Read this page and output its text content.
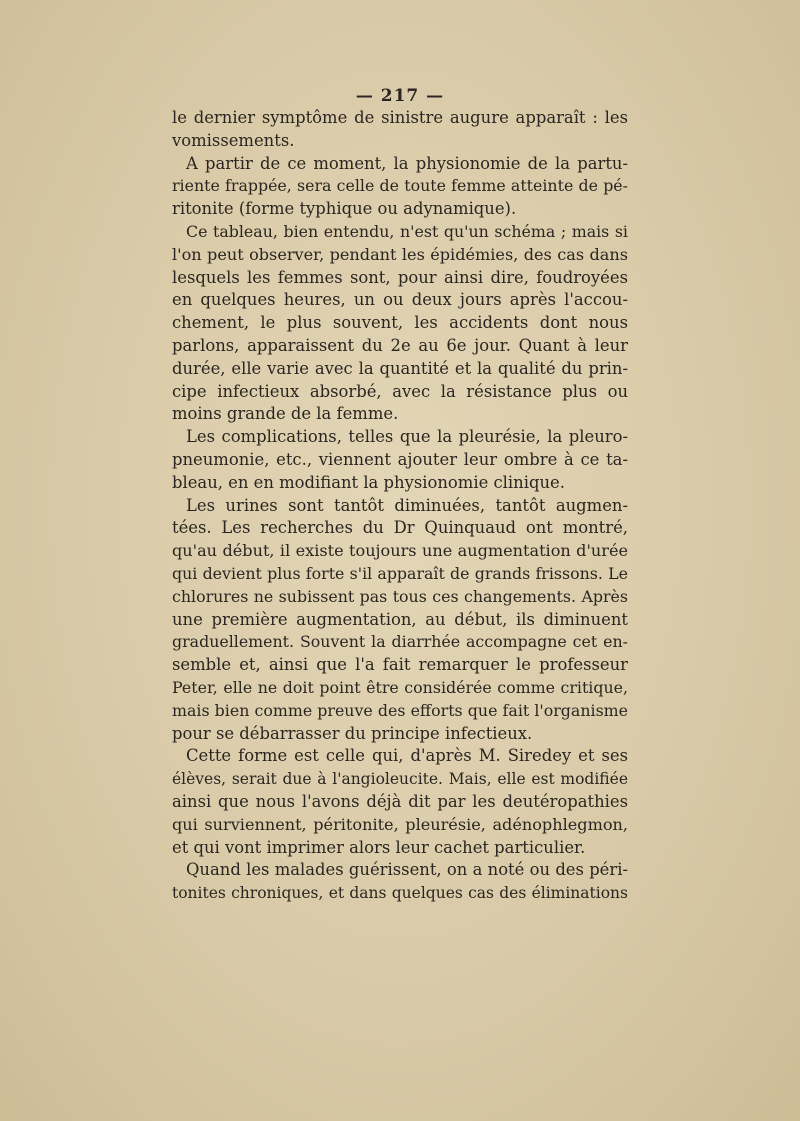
— 217 —
le dernier symptôme de sinistre augure apparaît : les
vomissements.
A partir de ce moment, la physionomie de la partu-
riente frappée, sera celle de toute femme atteinte de pé-
ritonite (forme typhique ou adynamique).
Ce tableau, bien entendu, n'est qu'un schéma ; mais si
l'on peut observer, pendant les épidémies, des cas dans
lesquels les femmes sont, pour ainsi dire, foudroyées
en quelques heures, un ou deux jours après l'accou-
chement, le plus souvent, les accidents dont nous
parlons, apparaissent du 2e au 6e jour. Quant à leur
durée, elle varie avec la quantité et la qualité du prin-
cipe infectieux absorbé, avec la résistance plus ou
moins grande de la femme.
Les complications, telles que la pleurésie, la pleuro-
pneumonie, etc., viennent ajouter leur ombre à ce ta-
bleau, en en modifiant la physionomie clinique.
Les urines sont tantôt diminuées, tantôt augmen-
tées. Les recherches du Dr Quinquaud ont montré,
qu'au début, il existe toujours une augmentation d'urée
qui devient plus forte s'il apparaît de grands frissons. Le
chlorures ne subissent pas tous ces changements. Après
une première augmentation, au début, ils diminuent
graduellement. Souvent la diarrhée accompagne cet en-
semble et, ainsi que l'a fait remarquer le professeur
Peter, elle ne doit point être considérée comme critique,
mais bien comme preuve des efforts que fait l'organisme
pour se débarrasser du principe infectieux.
Cette forme est celle qui, d'après M. Siredey et ses
élèves, serait due à l'angioleucite. Mais, elle est modifiée
ainsi que nous l'avons déjà dit par les deutéropathies
qui surviennent, péritonite, pleurésie, adénophlegmon,
et qui vont imprimer alors leur cachet particulier.
Quand les malades guérissent, on a noté ou des péri-
tonites chroniques, et dans quelques cas des éliminations
